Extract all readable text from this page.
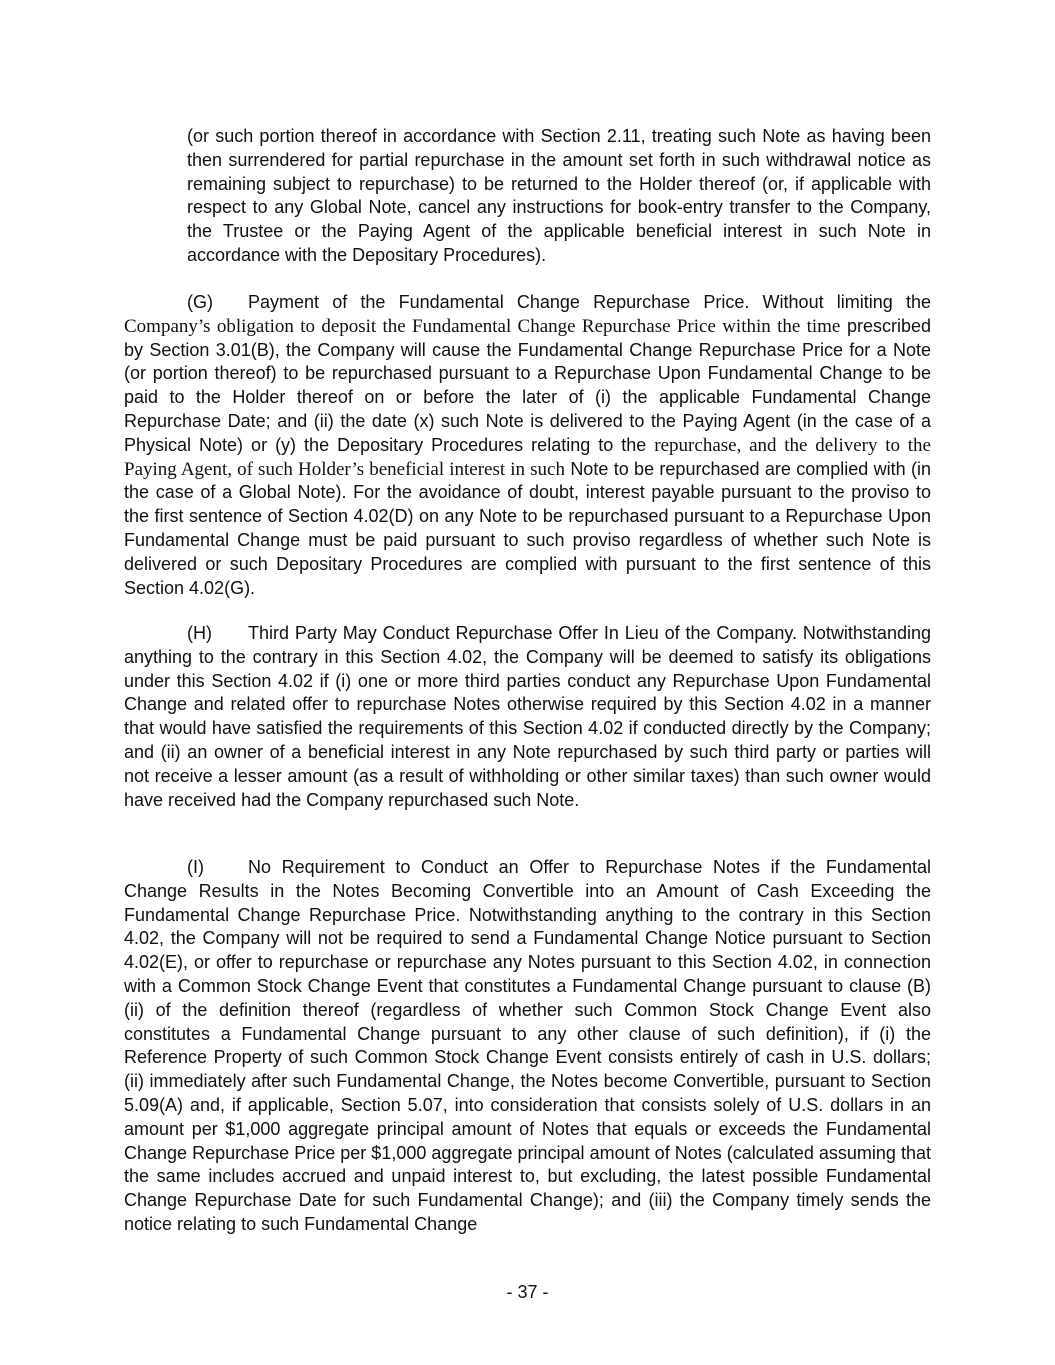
(or such portion thereof in accordance with Section 2.11, treating such Note as having been then surrendered for partial repurchase in the amount set forth in such withdrawal notice as remaining subject to repurchase) to be returned to the Holder thereof (or, if applicable with respect to any Global Note, cancel any instructions for book-entry transfer to the Company, the Trustee or the Paying Agent of the applicable beneficial interest in such Note in accordance with the Depositary Procedures).

(G) Payment of the Fundamental Change Repurchase Price. Without limiting the Company’s obligation to deposit the Fundamental Change Repurchase Price within the time prescribed by Section 3.01(B), the Company will cause the Fundamental Change Repurchase Price for a Note (or portion thereof) to be repurchased pursuant to a Repurchase Upon Fundamental Change to be paid to the Holder thereof on or before the later of (i) the applicable Fundamental Change Repurchase Date; and (ii) the date (x) such Note is delivered to the Paying Agent (in the case of a Physical Note) or (y) the Depositary Procedures relating to the repurchase, and the delivery to the Paying Agent, of such Holder’s beneficial interest in such Note to be repurchased are complied with (in the case of a Global Note). For the avoidance of doubt, interest payable pursuant to the proviso to the first sentence of Section 4.02(D) on any Note to be repurchased pursuant to a Repurchase Upon Fundamental Change must be paid pursuant to such proviso regardless of whether such Note is delivered or such Depositary Procedures are complied with pursuant to the first sentence of this Section 4.02(G).

(H) Third Party May Conduct Repurchase Offer In Lieu of the Company. Notwithstanding anything to the contrary in this Section 4.02, the Company will be deemed to satisfy its obligations under this Section 4.02 if (i) one or more third parties conduct any Repurchase Upon Fundamental Change and related offer to repurchase Notes otherwise required by this Section 4.02 in a manner that would have satisfied the requirements of this Section 4.02 if conducted directly by the Company; and (ii) an owner of a beneficial interest in any Note repurchased by such third party or parties will not receive a lesser amount (as a result of withholding or other similar taxes) than such owner would have received had the Company repurchased such Note.

(I) No Requirement to Conduct an Offer to Repurchase Notes if the Fundamental Change Results in the Notes Becoming Convertible into an Amount of Cash Exceeding the Fundamental Change Repurchase Price. Notwithstanding anything to the contrary in this Section 4.02, the Company will not be required to send a Fundamental Change Notice pursuant to Section 4.02(E), or offer to repurchase or repurchase any Notes pursuant to this Section 4.02, in connection with a Common Stock Change Event that constitutes a Fundamental Change pursuant to clause (B)(ii) of the definition thereof (regardless of whether such Common Stock Change Event also constitutes a Fundamental Change pursuant to any other clause of such definition), if (i) the Reference Property of such Common Stock Change Event consists entirely of cash in U.S. dollars; (ii) immediately after such Fundamental Change, the Notes become Convertible, pursuant to Section 5.09(A) and, if applicable, Section 5.07, into consideration that consists solely of U.S. dollars in an amount per $1,000 aggregate principal amount of Notes that equals or exceeds the Fundamental Change Repurchase Price per $1,000 aggregate principal amount of Notes (calculated assuming that the same includes accrued and unpaid interest to, but excluding, the latest possible Fundamental Change Repurchase Date for such Fundamental Change); and (iii) the Company timely sends the notice relating to such Fundamental Change

- 37 -
